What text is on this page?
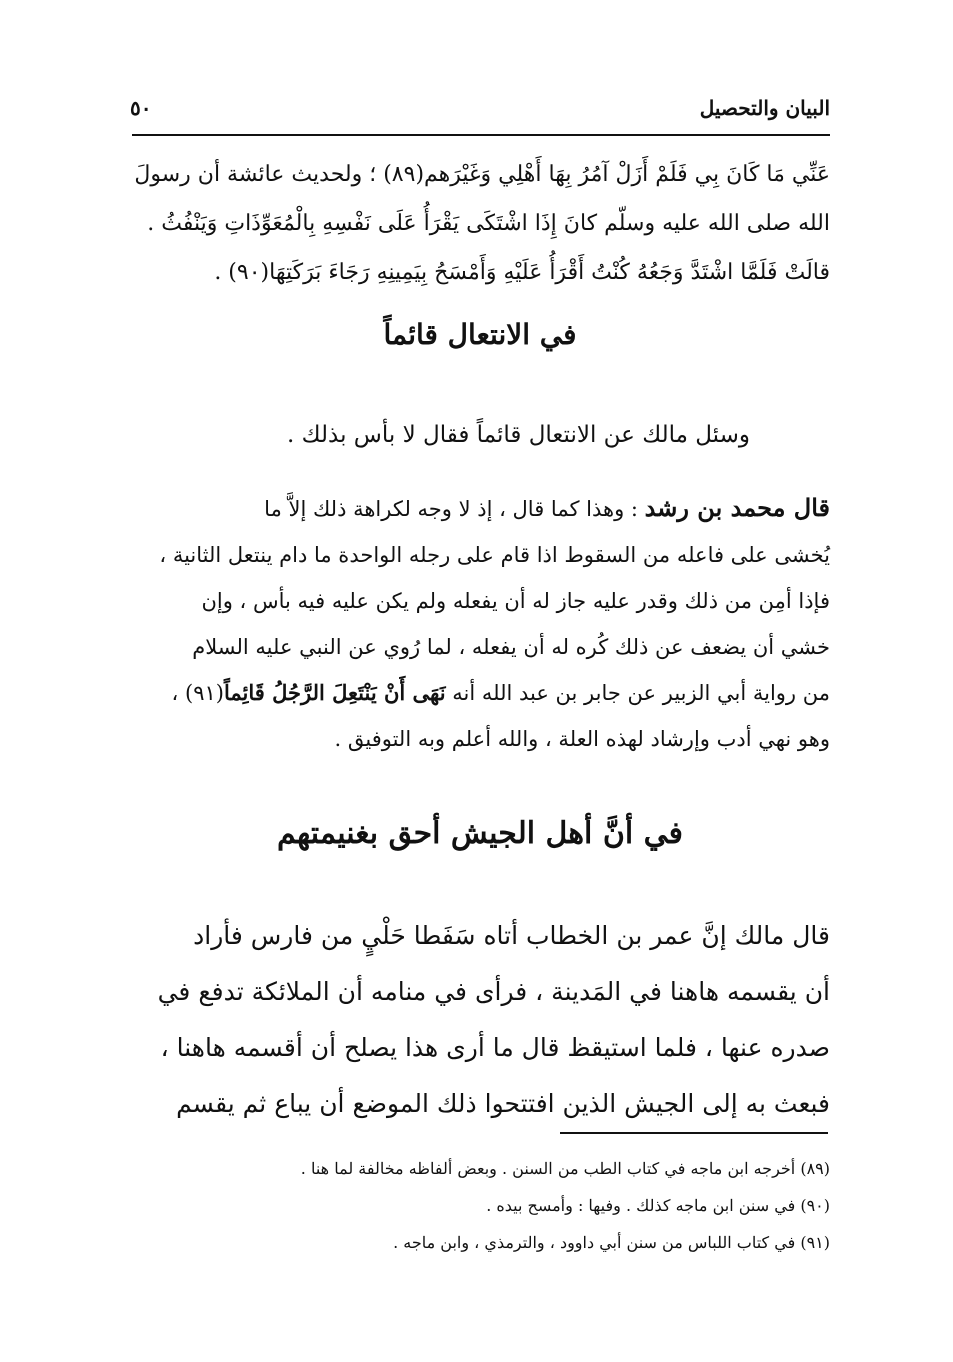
البيان والتحصيل
٥٠
عَنِّي مَا كَانَ بِي فَلَمْ أَزَلْ آمُرُ بِهَا أَهْلِي وَغَيْرَهم(٨٩) ؛ ولحديث عائشة أن رسولَ
الله صلى الله عليه وسلّم كانَ إِذَا اشْتَكَى يَقْرَأُ عَلَى نَفْسِهِ بِالْمُعَوِّذَاتِ وَيَنْفُثُ .
قالَتْ فَلَمَّا اشْتَدَّ وَجَعُهُ كُنْتُ أَقْرَأُ عَلَيْهِ وَأَمْسَحُ بِيَمِينِهِ رَجَاءَ بَرَكَتِهَا(٩٠) .
في الانتعال قائماً
وسئل مالك عن الانتعال قائماً فقال لا بأس بذلك .
قال محمد بن رشد : وهذا كما قال ، إذ لا وجه لكراهة ذلك إلاَّ ما
يُخشى على فاعله من السقوط اذا قام على رجله الواحدة ما دام ينتعل الثانية ،
فإذا أمِن من ذلك وقدر عليه جاز له أن يفعله ولم يكن عليه فيه بأس ، وإن
خشي أن يضعف عن ذلك كُره له أن يفعله ، لما رُوي عن النبي عليه السلام
من رواية أبي الزبير عن جابر بن عبد الله أنه نَهَى أَنْ يَنْتَعِلَ الرَّجُلُ قَائِماً(٩١) ،
وهو نهي أدب وإرشاد لهذه العلة ، والله أعلم وبه التوفيق .
في أنَّ أهل الجيش أحق بغنيمتهم
قال مالك إنَّ عمر بن الخطاب أتاه سَفَطا حَلْيٍ من فارس فأراد
أن يقسمه هاهنا في المَدينة ، فرأى في منامه أن الملائكة تدفع في
صدره عنها ، فلما استيقظ قال ما أرى هذا يصلح أن أقسمه هاهنا ،
فبعث به إلى الجيش الذين افتتحوا ذلك الموضع أن يباع ثم يقسم
(٨٩) أخرجه ابن ماجه في كتاب الطب من السنن . وبعض ألفاظه مخالفة لما هنا .
(٩٠) في سنن ابن ماجه كذلك . وفيها : وأمسح بيده .
(٩١) في كتاب اللباس من سنن أبي داوود ، والترمذي ، وابن ماجه .
